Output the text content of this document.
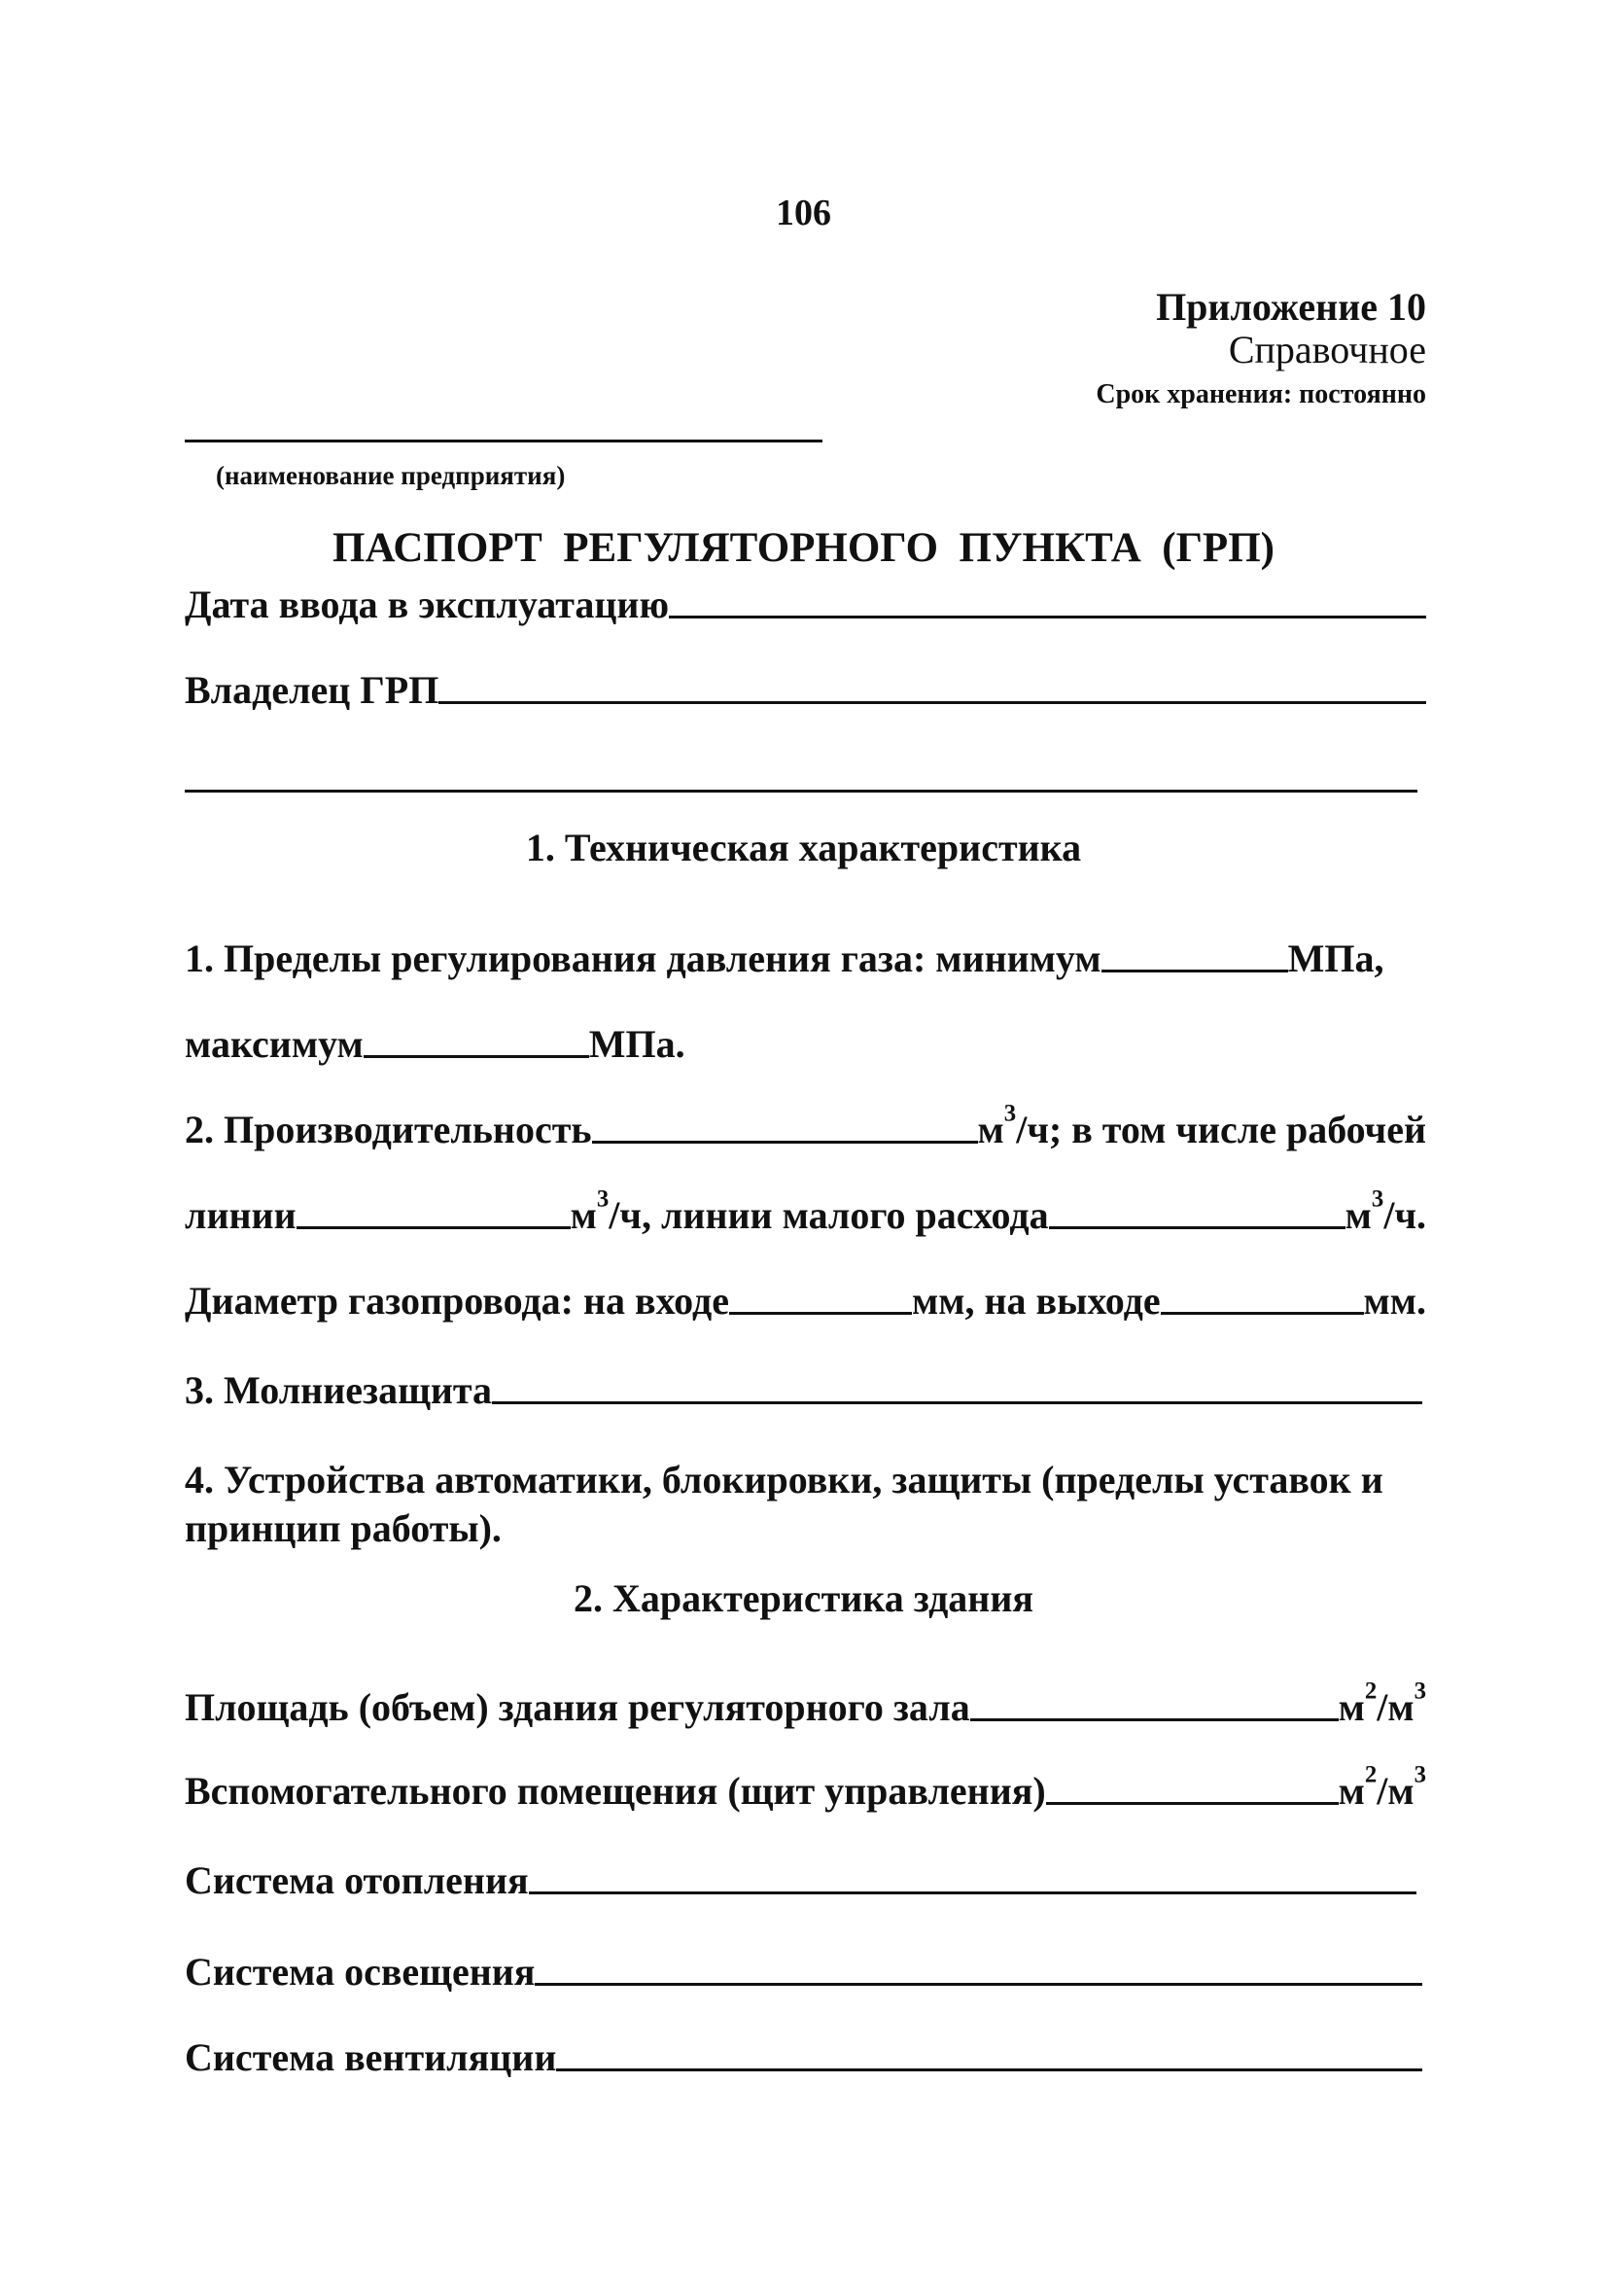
106
Приложение 10
Справочное
Срок хранения: постоянно
(наименование предприятия)
ПАСПОРТ  РЕГУЛЯТОРНОГО  ПУНКТА  (ГРП)
Дата ввода в эксплуатацию
Владелец ГРП
1. Техническая характеристика
1. Пределы регулирования давления газа: минимум	МПа,
максимум	МПа.
2. Производительность	$м^3/ч$; в том числе рабочей
линии	$м^3/ч$, линии малого расхода	$м^3/ч$.
Диаметр газопровода: на входе	мм, на выходе	мм.
3. Молниезащита
4. Устройства автоматики, блокировки, защиты (пределы уставок и
принцип работы).
2. Характеристика здания
Площадь (объем) здания регуляторного зала	$м^2/м^3$
Вспомогательного помещения (щит управления)	$м^2/м^3$
Система отопления
Система освещения
Система вентиляции
